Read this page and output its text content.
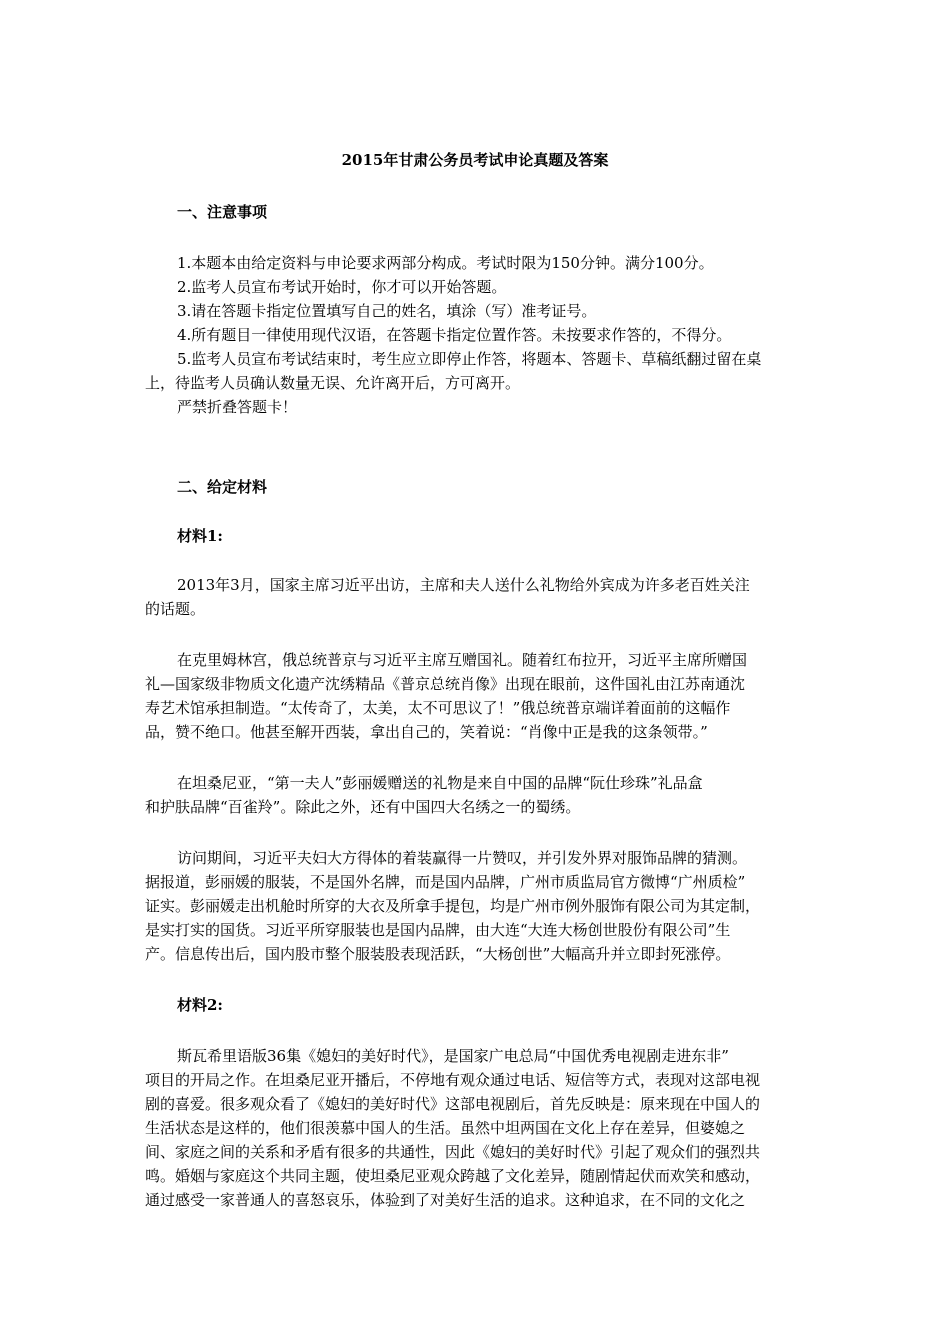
2015年甘肃公务员考试申论真题及答案
一、注意事项
1.本题本由给定资料与申论要求两部分构成。考试时限为150分钟。满分100分。
2.监考人员宣布考试开始时，你才可以开始答题。
3.请在答题卡指定位置填写自己的姓名，填涂（写）准考证号。
4.所有题目一律使用现代汉语，在答题卡指定位置作答。未按要求作答的，不得分。
5.监考人员宣布考试结束时，考生应立即停止作答，将题本、答题卡、草稿纸翻过留在桌
上，待监考人员确认数量无误、允许离开后，方可离开。
严禁折叠答题卡！
二、给定材料
材料1:
2013年3月，国家主席习近平出访，主席和夫人送什么礼物给外宾成为许多老百姓关注
的话题。
在克里姆林宫，俄总统普京与习近平主席互赠国礼。随着红布拉开，习近平主席所赠国
礼—国家级非物质文化遗产沈绣精品《普京总统肖像》出现在眼前，这件国礼由江苏南通沈
寿艺术馆承担制造。“太传奇了，太美，太不可思议了！”俄总统普京端详着面前的这幅作
品，赞不绝口。他甚至解开西装，拿出自己的，笑着说：“肖像中正是我的这条领带。”
在坦桑尼亚，“第一夫人”彭丽媛赠送的礼物是来自中国的品牌“阮仕珍珠”礼品盒
和护肤品牌“百雀羚”。除此之外，还有中国四大名绣之一的蜀绣。
访问期间，习近平夫妇大方得体的着装赢得一片赞叹，并引发外界对服饰品牌的猜测。
据报道，彭丽媛的服装，不是国外名牌，而是国内品牌，广州市质监局官方微博“广州质检”
证实。彭丽媛走出机舱时所穿的大衣及所拿手提包，均是广州市例外服饰有限公司为其定制，
是实打实的国货。习近平所穿服装也是国内品牌，由大连“大连大杨创世股份有限公司”生
产。信息传出后，国内股市整个服装股表现活跃，“大杨创世”大幅高升并立即封死涨停。
材料2:
斯瓦希里语版36集《媳妇的美好时代》，是国家广电总局“中国优秀电视剧走进东非”
项目的开局之作。在坦桑尼亚开播后，不停地有观众通过电话、短信等方式，表现对这部电视
剧的喜爱。很多观众看了《媳妇的美好时代》这部电视剧后，首先反映是：原来现在中国人的
生活状态是这样的，他们很羡慕中国人的生活。虽然中坦两国在文化上存在差异，但婆媳之
间、家庭之间的关系和矛盾有很多的共通性，因此《媳妇的美好时代》引起了观众们的强烈共
鸣。婚姻与家庭这个共同主题，使坦桑尼亚观众跨越了文化差异，随剧情起伏而欢笑和感动，
通过感受一家普通人的喜怒哀乐，体验到了对美好生活的追求。这种追求，在不同的文化之
